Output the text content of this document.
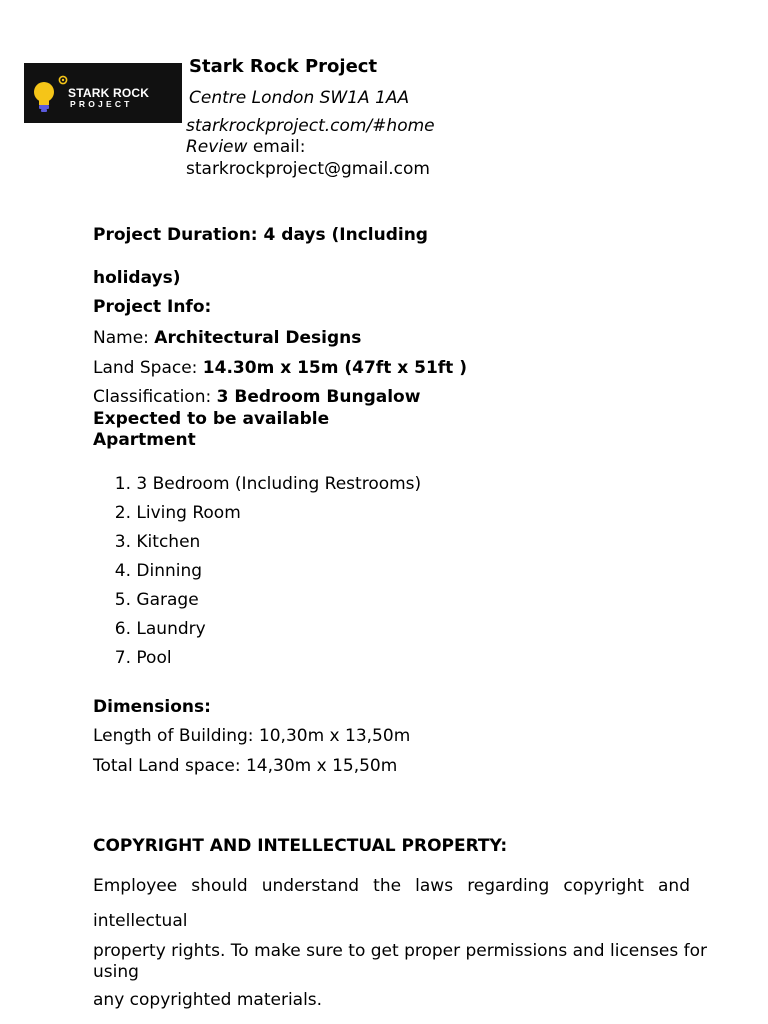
STARK ROCK
PROJECT
Stark Rock Project
Centre London SW1A 1AA
starkrockproject.com/#home
Review email:
starkrockproject@gmail.com
Project Duration: 4 days (Including
holidays)
Project Info:
Name: Architectural Designs
Land Space: 14.30m x 15m (47ft x 51ft )
Classification: 3 Bedroom Bungalow
Expected to be available
Apartment
1. 3 Bedroom (Including Restrooms)
2. Living Room
3. Kitchen
4. Dinning
5. Garage
6. Laundry
7. Pool
Dimensions:
Length of Building: 10,30m x 13,50m
Total Land space: 14,30m x 15,50m
COPYRIGHT AND INTELLECTUAL PROPERTY:
Employee should understand the laws regarding copyright and
intellectual
property rights. To make sure to get proper permissions and licenses for
using
any copyrighted materials.
